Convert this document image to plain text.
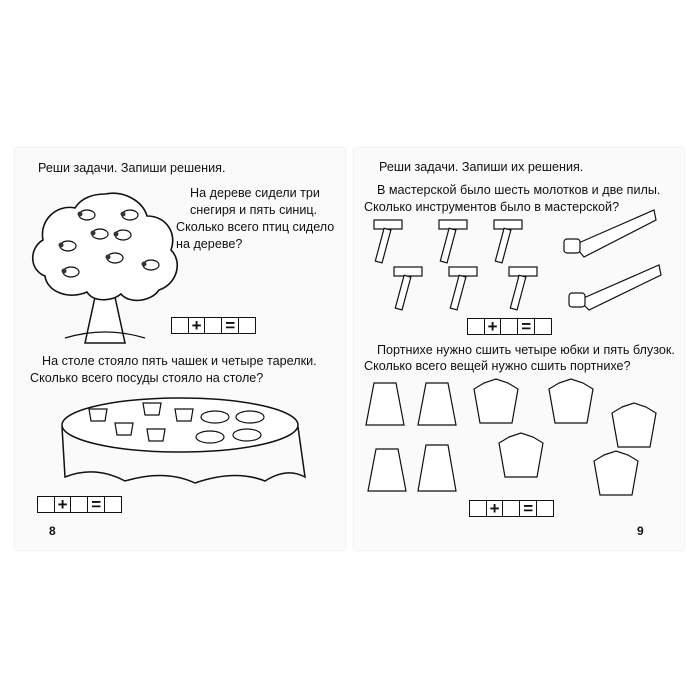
Реши задачи. Запиши решения.

На дереве сидели три

снегиря и пять синиц.

Сколько всего птиц сидело

на дереве?

+ =

На столе стояло пять чашек и четыре тарелки.

Сколько всего посуды стояло на столе?

+ =
8

Реши задачи. Запиши их решения.

В мастерской было шесть молотков и две пилы.

Сколько инструментов было в мастерской?

+ =

Портнихе нужно сшить четыре юбки и пять блузок.

Сколько всего вещей нужно сшить портнихе?

+ =
9
